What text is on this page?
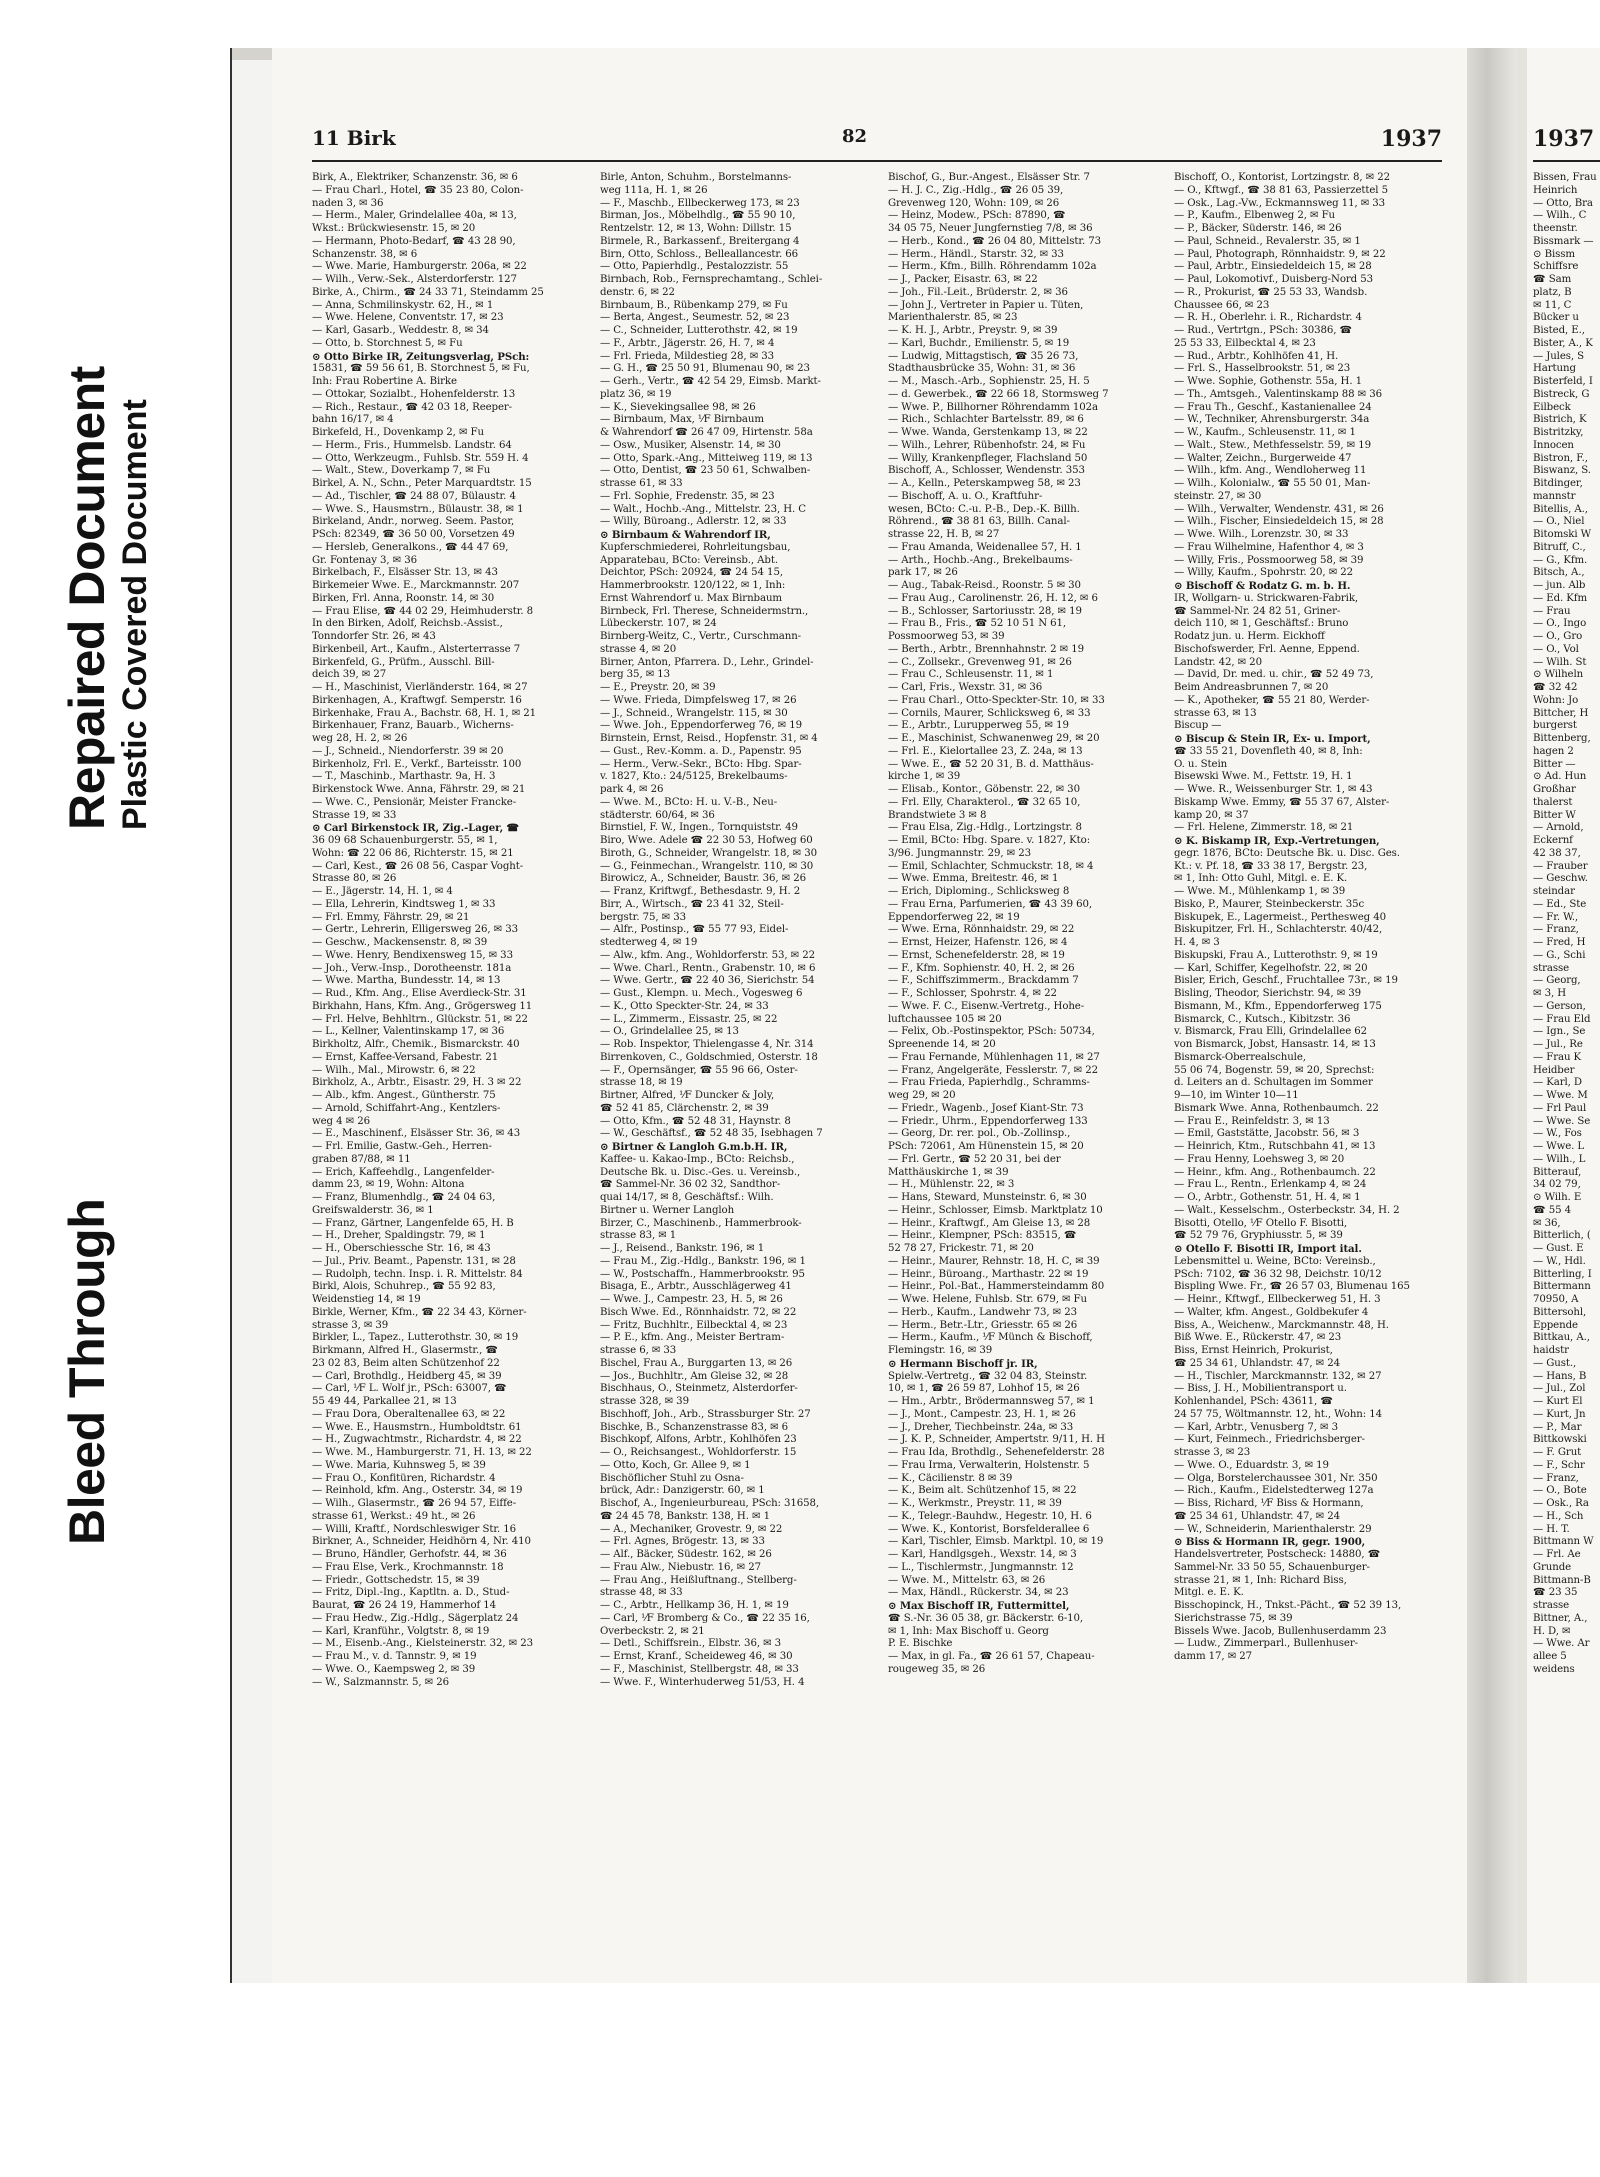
Bleed Through
Repaired Document Plastic Covered Document
11 Birk	82	1937
Birk, A., Elektriker, Schanzenstr. 36, ✉ 6
— Frau Charl., Hotel, ☎ 35 23 80, Colon-
naden 3, ✉ 36
— Herm., Maler, Grindelallee 40a, ✉ 13,
Wkst.: Brückwiesenstr. 15, ✉ 20
— Hermann, Photo-Bedarf, ☎ 43 28 90,
Schanzenstr. 38, ✉ 6
— Wwe. Marie, Hamburgerstr. 206a, ✉ 22
— Wilh., Verw.-Sek., Alsterdorferstr. 127
Birke, A., Chirm., ☎ 24 33 71, Steindamm 25
— Anna, Schmilinskystr. 62, H., ✉ 1
— Wwe. Helene, Conventstr. 17, ✉ 23
— Karl, Gasarb., Weddestr. 8, ✉ 34
— Otto, b. Storchnest 5, ✉ Fu
⊙ Otto Birke IR, Zeitungsverlag, PSch:
15831, ☎ 59 56 61, B. Storchnest 5, ✉ Fu,
Inh: Frau Robertine A. Birke
— Ottokar, Sozialbt., Hohenfelderstr. 13
— Rich., Restaur., ☎ 42 03 18, Reeper-
bahn 16/17, ✉ 4
Birkefeld, H., Dovenkamp 2, ✉ Fu
— Herm., Fris., Hummelsb. Landstr. 64
— Otto, Werkzeugm., Fuhlsb. Str. 559 H. 4
— Walt., Stew., Doverkamp 7, ✉ Fu
Birkel, A. N., Schn., Peter Marquardtstr. 15
— Ad., Tischler, ☎ 24 88 07, Bülaustr. 4
— Wwe. S., Hausmstrn., Bülaustr. 38, ✉ 1
Birkeland, Andr., norweg. Seem. Pastor,
PSch: 82349, ☎ 36 50 00, Vorsetzen 49
— Hersleb, Generalkons., ☎ 44 47 69,
Gr. Fontenay 3, ✉ 36
Birkelbach, F., Elsässer Str. 13, ✉ 43
Birkemeier Wwe. E., Marckmannstr. 207
Birken, Frl. Anna, Roonstr. 14, ✉ 30
— Frau Elise, ☎ 44 02 29, Heimhuderstr. 8
In den Birken, Adolf, Reichsb.-Assist.,
Tonndorfer Str. 26, ✉ 43
Birkenbeil, Art., Kaufm., Alsterterrasse 7
Birkenfeld, G., Prüfm., Ausschl. Bill-
deich 39, ✉ 27
— H., Maschinist, Vierländerstr. 164, ✉ 27
Birkenhagen, A., Kraftwgf. Semperstr. 16
Birkenhake, Frau A., Bachstr. 68, H. 1, ✉ 21
Birkenhauer, Franz, Bauarb., Wicherns-
weg 28, H. 2, ✉ 26
— J., Schneid., Niendorferstr. 39 ✉ 20
Birkenholz, Frl. E., Verkf., Barteisstr. 100
— T., Maschinb., Marthastr. 9a, H. 3
Birkenstock Wwe. Anna, Fährstr. 29, ✉ 21
— Wwe. C., Pensionär, Meister Francke-
Strasse 19, ✉ 33
⊙ Carl Birkenstock IR, Zig.-Lager, ☎
36 09 68 Schauenburgerstr. 55, ✉ 1,
Wohn: ☎ 22 06 86, Richterstr. 15, ✉ 21
— Carl, Kest., ☎ 26 08 56, Caspar Voght-
Strasse 80, ✉ 26
— E., Jägerstr. 14, H. 1, ✉ 4
— Ella, Lehrerin, Kindtsweg 1, ✉ 33
— Frl. Emmy, Fährstr. 29, ✉ 21
— Gertr., Lehrerin, Elligersweg 26, ✉ 33
— Geschw., Mackensenstr. 8, ✉ 39
— Wwe. Henry, Bendixensweg 15, ✉ 33
— Joh., Verw.-Insp., Dorotheenstr. 181a
— Wwe. Martha, Bundesstr. 14, ✉ 13
— Rud., Kfm. Ang., Elise Averdieck-Str. 31
Birkhahn, Hans, Kfm. Ang., Grögersweg 11
— Frl. Helve, Behhltrn., Glückstr. 51, ✉ 22
— L., Kellner, Valentinskamp 17, ✉ 36
Birkholtz, Alfr., Chemik., Bismarckstr. 40
— Ernst, Kaffee-Versand, Fabestr. 21
— Wilh., Mal., Mirowstr. 6, ✉ 22
Birkholz, A., Arbtr., Eisastr. 29, H. 3 ✉ 22
— Alb., kfm. Angest., Güntherstr. 75
— Arnold, Schiffahrt-Ang., Kentzlers-
weg 4 ✉ 26
— E., Maschinenf., Elsässer Str. 36, ✉ 43
— Frl. Emilie, Gastw.-Geh., Herren-
graben 87/88, ✉ 11
— Erich, Kaffeehdlg., Langenfelder-
damm 23, ✉ 19, Wohn: Altona
— Franz, Blumenhdlg., ☎ 24 04 63,
Greifswalderstr. 36, ✉ 1
— Franz, Gärtner, Langenfelde 65, H. B
— H., Dreher, Spaldingstr. 79, ✉ 1
— H., Oberschiessche Str. 16, ✉ 43
— Jul., Priv. Beamt., Papenstr. 131, ✉ 28
— Rudolph, techn. Insp. i. R. Mittelstr. 84
Birkl, Alois, Schuhrep., ☎ 55 92 83,
Weidenstieg 14, ✉ 19
Birkle, Werner, Kfm., ☎ 22 34 43, Körner-
strasse 3, ✉ 39
Birkler, L., Tapez., Lutterothstr. 30, ✉ 19
Birkmann, Alfred H., Glasermstr., ☎
23 02 83, Beim alten Schützenhof 22
— Carl, Brothdlg., Heidberg 45, ✉ 39
— Carl, ⅟F L. Wolf jr., PSch: 63007, ☎
55 49 44, Parkallee 21, ✉ 13
— Frau Dora, Oberaltenallee 63, ✉ 22
— Wwe. E., Hausmstrn., Humboldtstr. 61
— H., Zugwachtmstr., Richardstr. 4, ✉ 22
— Wwe. M., Hamburgerstr. 71, H. 13, ✉ 22
— Wwe. Maria, Kuhnsweg 5, ✉ 39
— Frau O., Konfitüren, Richardstr. 4
— Reinhold, kfm. Ang., Osterstr. 34, ✉ 19
— Wilh., Glasermstr., ☎ 26 94 57, Eiffe-
strasse 61, Werkst.: 49 ht., ✉ 26
— Willi, Kraftf., Nordschleswiger Str. 16
Birkner, A., Schneider, Heidhörn 4, Nr. 410
— Bruno, Händler, Gerhofstr. 44, ✉ 36
— Frau Else, Verk., Krochmannstr. 18
— Friedr., Gottschedstr. 15, ✉ 39
— Fritz, Dipl.-Ing., Kaptltn. a. D., Stud-
Baurat, ☎ 26 24 19, Hammerhof 14
— Frau Hedw., Zig.-Hdlg., Sägerplatz 24
— Karl, Kranführ., Volgtstr. 8, ✉ 19
— M., Eisenb.-Ang., Kielsteinerstr. 32, ✉ 23
— Frau M., v. d. Tannstr. 9, ✉ 19
— Wwe. O., Kaempsweg 2, ✉ 39
— W., Salzmannstr. 5, ✉ 26
Birle, Anton, Schuhm., Borstelmanns-
weg 111a, H. 1, ✉ 26
— F., Maschb., Ellbeckerweg 173, ✉ 23
Birman, Jos., Möbelhdlg., ☎ 55 90 10,
Rentzelstr. 12, ✉ 13, Wohn: Dillstr. 15
Birmele, R., Barkassenf., Breitergang 4
Birn, Otto, Schloss., Belleallancestr. 66
— Otto, Papierhdlg., Pestalozzistr. 55
Birnbach, Rob., Fernsprechamtang., Schlei-
denstr. 6, ✉ 22
Birnbaum, B., Rübenkamp 279, ✉ Fu
— Berta, Angest., Seumestr. 52, ✉ 23
— C., Schneider, Lutterothstr. 42, ✉ 19
— F., Arbtr., Jägerstr. 26, H. 7, ✉ 4
— Frl. Frieda, Mildestieg 28, ✉ 33
— G. H., ☎ 25 50 91, Blumenau 90, ✉ 23
— Gerh., Vertr., ☎ 42 54 29, Eimsb. Markt-
platz 36, ✉ 19
— K., Sievekingsallee 98, ✉ 26
— Birnbaum, Max, ⅟F Birnbaum
& Wahrendorf ☎ 26 47 09, Hirtenstr. 58a
— Osw., Musiker, Alsenstr. 14, ✉ 30
— Otto, Spark.-Ang., Mitteiweg 119, ✉ 13
— Otto, Dentist, ☎ 23 50 61, Schwalben-
strasse 61, ✉ 33
— Frl. Sophie, Fredenstr. 35, ✉ 23
— Walt., Hochb.-Ang., Mittelstr. 23, H. C
— Willy, Büroang., Adlerstr. 12, ✉ 33
⊙ Birnbaum & Wahrendorf IR,
Kupferschmiederei, Rohrleitungsbau,
Apparatebau, BCto: Vereinsb., Abt.
Deichtor, PSch: 20924, ☎ 24 54 15,
Hammerbrookstr. 120/122, ✉ 1, Inh:
Ernst Wahrendorf u. Max Birnbaum
Birnbeck, Frl. Therese, Schneidermstrn.,
Lübeckerstr. 107, ✉ 24
Birnberg-Weitz, C., Vertr., Curschmann-
strasse 4, ✉ 20
Birner, Anton, Pfarrera. D., Lehr., Grindel-
berg 35, ✉ 13
— E., Preystr. 20, ✉ 39
— Wwe. Frieda, Dimpfelsweg 17, ✉ 26
— J., Schneid., Wrangelstr. 115, ✉ 30
— Wwe. Joh., Eppendorferweg 76, ✉ 19
Birnstein, Ernst, Reisd., Hopfenstr. 31, ✉ 4
— Gust., Rev.-Komm. a. D., Papenstr. 95
— Herm., Verw.-Sekr., BCto: Hbg. Spar-
v. 1827, Kto.: 24/5125, Brekelbaums-
park 4, ✉ 26
— Wwe. M., BCto: H. u. V.-B., Neu-
städterstr. 60/64, ✉ 36
Birnstiel, F. W., Ingen., Tornquiststr. 49
Biro, Wwe. Adele ☎ 22 30 53, Hofweg 60
Biroth, G., Schneider, Wrangelstr. 18, ✉ 30
— G., Feinmechan., Wrangelstr. 110, ✉ 30
Birowicz, A., Schneider, Baustr. 36, ✉ 26
— Franz, Kriftwgf., Bethesdastr. 9, H. 2
Birr, A., Wirtsch., ☎ 23 41 32, Steil-
bergstr. 75, ✉ 33
— Alfr., Postinsp., ☎ 55 77 93, Eidel-
stedterweg 4, ✉ 19
— Alw., kfm. Ang., Wohldorferstr. 53, ✉ 22
— Wwe. Charl., Rentn., Grabenstr. 10, ✉ 6
— Wwe. Gertr., ☎ 22 40 36, Sierichstr. 54
— Gust., Klempn. u. Mech., Vogesweg 6
— K., Otto Speckter-Str. 24, ✉ 33
— L., Zimmerm., Eissastr. 25, ✉ 22
— O., Grindelallee 25, ✉ 13
— Rob. Inspektor, Thielengasse 4, Nr. 314
Birrenkoven, C., Goldschmied, Osterstr. 18
— F., Opernsänger, ☎ 55 96 66, Oster-
strasse 18, ✉ 19
Birtner, Alfred, ⅟F Duncker & Joly,
☎ 52 41 85, Clärchenstr. 2, ✉ 39
— Otto, Kfm., ☎ 52 48 31, Haynstr. 8
— W., Geschäftsf., ☎ 52 48 35, Isebhagen 7
⊙ Birtner & Langloh G.m.b.H. IR,
Kaffee- u. Kakao-Imp., BCto: Reichsb.,
Deutsche Bk. u. Disc.-Ges. u. Vereinsb.,
☎ Sammel-Nr. 36 02 32, Sandthor-
quai 14/17, ✉ 8, Geschäftsf.: Wilh.
Birtner u. Werner Langloh
Birzer, C., Maschinenb., Hammerbrook-
strasse 83, ✉ 1
— J., Reisend., Bankstr. 196, ✉ 1
— Frau M., Zig.-Hdlg., Bankstr. 196, ✉ 1
— W., Postschaffn., Hammerbrookstr. 95
Bisaga, E., Arbtr., Ausschlägerweg 41
— Wwe. J., Campestr. 23, H. 5, ✉ 26
Bisch Wwe. Ed., Rönnhaidstr. 72, ✉ 22
— Fritz, Buchhltr., Eilbecktal 4, ✉ 23
— P. E., kfm. Ang., Meister Bertram-
strasse 6, ✉ 33
Bischel, Frau A., Burggarten 13, ✉ 26
— Jos., Buchhltr., Am Gleise 32, ✉ 28
Bischhaus, O., Steinmetz, Alsterdorfer-
strasse 328, ✉ 39
Bischhoff, Joh., Arb., Strassburger Str. 27
Bischke, B., Schanzenstrasse 83, ✉ 6
Bischkopf, Alfons, Arbtr., Kohlhöfen 23
— O., Reichsangest., Wohldorferstr. 15
— Otto, Koch, Gr. Allee 9, ✉ 1
Bischöflicher Stuhl zu Osna-
brück, Adr.: Danzigerstr. 60, ✉ 1
Bischof, A., Ingenieurbureau, PSch: 31658,
☎ 24 45 78, Bankstr. 138, H. ✉ 1
— A., Mechaniker, Grovestr. 9, ✉ 22
— Frl. Agnes, Brögestr. 13, ✉ 33
— Alf., Bäcker, Südestr. 162, ✉ 26
— Frau Alw., Niebustr. 16, ✉ 27
— Frau Ang., Heißluftnang., Stellberg-
strasse 48, ✉ 33
— C., Arbtr., Hellkamp 36, H. 1, ✉ 19
— Carl, ⅟F Bromberg & Co., ☎ 22 35 16,
Overbeckstr. 2, ✉ 21
— Detl., Schiffsrein., Elbstr. 36, ✉ 3
— Ernst, Kranf., Scheideweg 46, ✉ 30
— F., Maschinist, Stellbergstr. 48, ✉ 33
— Wwe. F., Winterhuderweg 51/53, H. 4
Bischof, G., Bur.-Angest., Elsässer Str. 7
— H. J. C., Zig.-Hdlg., ☎ 26 05 39,
Grevenweg 120, Wohn: 109, ✉ 26
— Heinz, Modew., PSch: 87890, ☎
34 05 75, Neuer Jungfernstieg 7/8, ✉ 36
— Herb., Kond., ☎ 26 04 80, Mittelstr. 73
— Herm., Händl., Starstr. 32, ✉ 33
— Herm., Kfm., Billh. Röhrendamm 102a
— J., Packer, Eisastr. 63, ✉ 22
— Joh., Fil.-Leit., Brüderstr. 2, ✉ 36
— John J., Vertreter in Papier u. Tüten,
Marienthalerstr. 85, ✉ 23
— K. H. J., Arbtr., Preystr. 9, ✉ 39
— Karl, Buchdr., Emilienstr. 5, ✉ 19
— Ludwig, Mittagstisch, ☎ 35 26 73,
Stadthausbrücke 35, Wohn: 31, ✉ 36
— M., Masch.-Arb., Sophienstr. 25, H. 5
— d. Gewerbek., ☎ 22 66 18, Stormsweg 7
— Wwe. P., Billhorner Röhrendamm 102a
— Rich., Schlachter Bartelsstr. 89, ✉ 6
— Wwe. Wanda, Gerstenkamp 13, ✉ 22
— Wilh., Lehrer, Rübenhofstr. 24, ✉ Fu
— Willy, Krankenpfleger, Flachsland 50
Bischoff, A., Schlosser, Wendenstr. 353
— A., Kelln., Peterskampweg 58, ✉ 23
— Bischoff, A. u. O., Kraftfuhr-
wesen, BCto: C.-u. P.-B., Dep.-K. Billh.
Röhrend., ☎ 38 81 63, Billh. Canal-
strasse 22, H. B, ✉ 27
— Frau Amanda, Weidenallee 57, H. 1
— Arth., Hochb.-Ang., Brekelbaums-
park 17, ✉ 26
— Aug., Tabak-Reisd., Roonstr. 5 ✉ 30
— Frau Aug., Carolinenstr. 26, H. 12, ✉ 6
— B., Schlosser, Sartoriusstr. 28, ✉ 19
— Frau B., Fris., ☎ 52 10 51 N 61,
Possmoorweg 53, ✉ 39
— Berth., Arbtr., Brennhahnstr. 2 ✉ 19
— C., Zollsekr., Grevenweg 91, ✉ 26
— Frau C., Schleusenstr. 11, ✉ 1
— Carl, Fris., Wexstr. 31, ✉ 36
— Frau Charl., Otto-Speckter-Str. 10, ✉ 33
— Cornils, Maurer, Schlicksweg 6, ✉ 33
— E., Arbtr., Lurupperweg 55, ✉ 19
— E., Maschinist, Schwanenweg 29, ✉ 20
— Frl. E., Kielortallee 23, Z. 24a, ✉ 13
— Wwe. E., ☎ 52 20 31, B. d. Matthäus-
kirche 1, ✉ 39
— Elisab., Kontor., Göbenstr. 22, ✉ 30
— Frl. Elly, Charakterol., ☎ 32 65 10,
Brandstwiete 3 ✉ 8
— Frau Elsa, Zig.-Hdlg., Lortzingstr. 8
— Emil, BCto: Hbg. Spare. v. 1827, Kto:
3/96. Jungmannstr. 29, ✉ 23
— Emil, Schlachter, Schmuckstr. 18, ✉ 4
— Wwe. Emma, Breitestr. 46, ✉ 1
— Erich, Diploming., Schlicksweg 8
— Frau Erna, Parfumerien, ☎ 43 39 60,
Eppendorferweg 22, ✉ 19
— Wwe. Erna, Rönnhaidstr. 29, ✉ 22
— Ernst, Heizer, Hafenstr. 126, ✉ 4
— Ernst, Schenefelderstr. 28, ✉ 19
— F., Kfm. Sophienstr. 40, H. 2, ✉ 26
— F., Schiffszimmerm., Brackdamm 7
— F., Schlosser, Spohrstr. 4, ✉ 22
— Wwe. F. C., Eisenw.-Vertretg., Hohe-
luftchaussee 105 ✉ 20
— Felix, Ob.-Postinspektor, PSch: 50734,
Spreenende 14, ✉ 20
— Frau Fernande, Mühlenhagen 11, ✉ 27
— Franz, Angelgeräte, Fesslerstr. 7, ✉ 22
— Frau Frieda, Papierhdlg., Schramms-
weg 29, ✉ 20
— Friedr., Wagenb., Josef Kiant-Str. 73
— Friedr., Uhrm., Eppendorferweg 133
— Georg, Dr. rer. pol., Ob.-Zollinsp.,
PSch: 72061, Am Hünenstein 15, ✉ 20
— Frl. Gertr., ☎ 52 20 31, bei der
Matthäuskirche 1, ✉ 39
— H., Mühlenstr. 22, ✉ 3
— Hans, Steward, Munsteinstr. 6, ✉ 30
— Heinr., Schlosser, Eimsb. Marktplatz 10
— Heinr., Kraftwgf., Am Gleise 13, ✉ 28
— Heinr., Klempner, PSch: 83515, ☎
52 78 27, Frickestr. 71, ✉ 20
— Heinr., Maurer, Rehnstr. 18, H. C, ✉ 39
— Heinr., Büroang., Marthastr. 22 ✉ 19
— Heinr., Pol.-Bat., Hammersteindamm 80
— Wwe. Helene, Fuhlsb. Str. 679, ✉ Fu
— Herb., Kaufm., Landwehr 73, ✉ 23
— Herm., Betr.-Ltr., Griesstr. 65 ✉ 26
— Herm., Kaufm., ⅟F Münch & Bischoff,
Flemingstr. 16, ✉ 39
⊙ Hermann Bischoff jr. IR,
Spielw.-Vertretg., ☎ 32 04 83, Steinstr.
10, ✉ 1, ☎ 26 59 87, Lohhof 15, ✉ 26
— Hm., Arbtr., Brödermannsweg 57, ✉ 1
— J., Mont., Campestr. 23, H. 1, ✉ 26
— J., Dreher, Tiechbeinstr. 24a, ✉ 33
— J. K. P., Schneider, Ampertstr. 9/11, H. H
— Frau Ida, Brothdlg., Sehenefelderstr. 28
— Frau Irma, Verwalterin, Holstenstr. 5
— K., Cäcilienstr. 8 ✉ 39
— K., Beim alt. Schützenhof 15, ✉ 22
— K., Werkmstr., Preystr. 11, ✉ 39
— K., Telegr.-Bauhdw., Hegestr. 10, H. 6
— Wwe. K., Kontorist, Borsfelderallee 6
— Karl, Tischler, Eimsb. Marktpl. 10, ✉ 19
— Karl, Handlgsgeh., Wexstr. 14, ✉ 3
— L., Tischlermstr., Jungmannstr. 12
— Wwe. M., Mittelstr. 63, ✉ 26
— Max, Händl., Rückerstr. 34, ✉ 23
⊙ Max Bischoff IR, Futtermittel,
☎ S.-Nr. 36 05 38, gr. Bäckerstr. 6-10,
✉ 1, Inh: Max Bischoff u. Georg
P. E. Bischke
— Max, in gl. Fa., ☎ 26 61 57, Chapeau-
rougeweg 35, ✉ 26
Bischoff, O., Kontorist, Lortzingstr. 8, ✉ 22
— O., Kftwgf., ☎ 38 81 63, Passierzettel 5
— Osk., Lag.-Vw., Eckmannsweg 11, ✉ 33
— P., Kaufm., Elbenweg 2, ✉ Fu
— P., Bäcker, Süderstr. 146, ✉ 26
— Paul, Schneid., Revalerstr. 35, ✉ 1
— Paul, Photograph, Rönnhaidstr. 9, ✉ 22
— Paul, Arbtr., Einsiedeldeich 15, ✉ 28
— Paul, Lokomotivf., Duisberg-Nord 53
— R., Prokurist, ☎ 25 53 33, Wandsb.
Chaussee 66, ✉ 23
— R. H., Oberlehr. i. R., Richardstr. 4
— Rud., Vertrtgn., PSch: 30386, ☎
25 53 33, Eilbecktal 4, ✉ 23
— Rud., Arbtr., Kohlhöfen 41, H.
— Frl. S., Hasselbrookstr. 51, ✉ 23
— Wwe. Sophie, Gothenstr. 55a, H. 1
— Th., Amtsgeh., Valentinskamp 88 ✉ 36
— Frau Th., Geschf., Kastanienallee 24
— W., Techniker, Ahrensburgerstr. 34a
— W., Kaufm., Schleusenstr. 11, ✉ 1
— Walt., Stew., Methfesselstr. 59, ✉ 19
— Walter, Zeichn., Burgerweide 47
— Wilh., kfm. Ang., Wendloherweg 11
— Wilh., Kolonialw., ☎ 55 50 01, Man-
steinstr. 27, ✉ 30
— Wilh., Verwalter, Wendenstr. 431, ✉ 26
— Wilh., Fischer, Einsiedeldeich 15, ✉ 28
— Wwe. Wilh., Lorenzstr. 30, ✉ 33
— Frau Wilhelmine, Hafenthor 4, ✉ 3
— Willy, Fris., Possmoorweg 58, ✉ 39
— Willy, Kaufm., Spohrstr. 20, ✉ 22
⊙ Bischoff & Rodatz G. m. b. H.
IR, Wollgarn- u. Strickwaren-Fabrik,
☎ Sammel-Nr. 24 82 51, Griner-
deich 110, ✉ 1, Geschäftsf.: Bruno
Rodatz jun. u. Herm. Eickhoff
Bischofswerder, Frl. Aenne, Eppend.
Landstr. 42, ✉ 20
— David, Dr. med. u. chir., ☎ 52 49 73,
Beim Andreasbrunnen 7, ✉ 20
— K., Apotheker, ☎ 55 21 80, Werder-
strasse 63, ✉ 13
Biscup —
⊙ Biscup & Stein IR, Ex- u. Import,
☎ 33 55 21, Dovenfleth 40, ✉ 8, Inh:
O. u. Stein
Bisewski Wwe. M., Fettstr. 19, H. 1
— Wwe. R., Weissenburger Str. 1, ✉ 43
Biskamp Wwe. Emmy, ☎ 55 37 67, Alster-
kamp 20, ✉ 37
— Frl. Helene, Zimmerstr. 18, ✉ 21
⊙ K. Biskamp IR, Exp.-Vertretungen,
gegr. 1876, BCto: Deutsche Bk. u. Disc. Ges.
Kt.: v. Pf. 18, ☎ 33 38 17, Bergstr. 23,
✉ 1, Inh: Otto Guhl, Mitgl. e. E. K.
— Wwe. M., Mühlenkamp 1, ✉ 39
Bisko, P., Maurer, Steinbeckerstr. 35c
Biskupek, E., Lagermeist., Perthesweg 40
Biskupitzer, Frl. H., Schlachterstr. 40/42,
H. 4, ✉ 3
Biskupski, Frau A., Lutterothstr. 9, ✉ 19
— Karl, Schiffer, Kegelhofstr. 22, ✉ 20
Bisler, Erich, Geschf., Fruchtallee 73r., ✉ 19
Bisling, Theodor, Sierichstr. 94, ✉ 39
Bismann, M., Kfm., Eppendorferweg 175
Bismarck, C., Kutsch., Kibitzstr. 36
v. Bismarck, Frau Elli, Grindelallee 62
von Bismarck, Jobst, Hansastr. 14, ✉ 13
Bismarck-Oberrealschule,
55 06 74, Bogenstr. 59, ✉ 20, Sprechst:
d. Leiters an d. Schultagen im Sommer
9—10, im Winter 10—11
Bismark Wwe. Anna, Rothenbaumch. 22
— Frau E., Reinfeldstr. 3, ✉ 13
— Emil, Gaststätte, Jacobstr. 56, ✉ 3
— Heinrich, Ktm., Rutschbahn 41, ✉ 13
— Frau Henny, Loehsweg 3, ✉ 20
— Heinr., kfm. Ang., Rothenbaumch. 22
— Frau L., Rentn., Erlenkamp 4, ✉ 24
— O., Arbtr., Gothenstr. 51, H. 4, ✉ 1
— Walt., Kesselschm., Osterbeckstr. 34, H. 2
Bisotti, Otello, ⅟F Otello F. Bisotti,
☎ 52 79 76, Gryphiusstr. 5, ✉ 39
⊙ Otello F. Bisotti IR, Import ital.
Lebensmittel u. Weine, BCto: Vereinsb.,
PSch: 7102, ☎ 36 32 98, Deichstr. 10/12
Bispling Wwe. Fr., ☎ 26 57 03, Blumenau 165
— Heinr., Kftwgf., Ellbeckerweg 51, H. 3
— Walter, kfm. Angest., Goldbekufer 4
Biss, A., Weichenw., Marckmannstr. 48, H.
Biß Wwe. E., Rückerstr. 47, ✉ 23
Biss, Ernst Heinrich, Prokurist,
☎ 25 34 61, Uhlandstr. 47, ✉ 24
— H., Tischler, Marckmannstr. 132, ✉ 27
— Biss, J. H., Mobilientransport u.
Kohlenhandel, PSch: 43611, ☎
24 57 75, Wöltmannstr. 12, ht., Wohn: 14
— Karl, Arbtr., Venusberg 7, ✉ 3
— Kurt, Feinmech., Friedrichsberger-
strasse 3, ✉ 23
— Wwe. O., Eduardstr. 3, ✉ 19
— Olga, Borstelerchaussee 301, Nr. 350
— Rich., Kaufm., Eidelstedterweg 127a
— Biss, Richard, ⅟F Biss & Hormann,
☎ 25 34 61, Uhlandstr. 47, ✉ 24
— W., Schneiderin, Marienthalerstr. 29
⊙ Biss & Hormann IR, gegr. 1900,
Handelsvertreter, Postscheck: 14880, ☎
Sammel-Nr. 33 50 55, Schauenburger-
strasse 21, ✉ 1, Inh: Richard Biss,
Mitgl. e. E. K.
Bisschopinck, H., Tnkst.-Pächt., ☎ 52 39 13,
Sierichstrasse 75, ✉ 39
Bissels Wwe. Jacob, Bullenhuserdamm 23
— Ludw., Zimmerparl., Bullenhuser-
damm 17, ✉ 27
1937
Bissen, Frau
Heinrich
— Otto, Bra
— Wilh., C
theenstr.
Bissmark —
⊙ Bissm
Schiffsre
☎ Sam
platz, B
✉ 11, C
Bücker u
Bisted, E.,
Bister, A., K
— Jules, S
Hartung
Bisterfeld, I
Bistreck, G
Eilbeck
Bistrich, K
Bistritzky,
Innocen
Bistron, F.,
Biswanz, S.
Bitdinger,
mannstr
Bitellis, A.,
— O., Niel
Bitomski W
Bitruff, C.,
— G., Kfm.
Bitsch, A.,
— jun. Alb
— Ed. Kfm
— Frau
— O., Ingo
— O., Gro
— O., Vol
— Wilh. St
⊙ Wilheln
☎ 32 42
Wohn: Jo
Bittcher, H
burgerst
Bittenberg,
hagen 2
Bitter —
⊙ Ad. Hun
Großhar
thalerst
Bitter W
— Arnold,
Eckernf
42 38 37,
— Frauber
— Geschw.
steindar
— Ed., Ste
— Fr. W.,
— Franz,
— Fred, H
— G., Schi
strasse
— Georg,
✉ 3, H
— Gerson,
— Frau Eld
— Ign., Se
— Jul., Re
— Frau K
Heidber
— Karl, D
— Wwe. M
— Frl Paul
— Wwe. Se
— W., Fos
— Wwe. L
— Wilh., L
Bitterauf,
34 02 79,
⊙ Wilh. E
☎ 55 4
✉ 36,
Bitterlich, (
— Gust. E
— W., Hdl.
Bitterling, I
Bittermann
70950, A
Bittersohl,
Eppende
Bittkau, A.,
haidstr
— Gust.,
— Hans, B
— Jul., Zol
— Kurt El
— Kurt, Jn
— P., Mar
Bittkowski
— F. Grut
— F., Schr
— Franz,
— O., Bote
— Osk., Ra
— H., Sch
— H. T.
Bittmann W
— Frl. Ae
Grunde
Bittmann-B
☎ 23 35
strasse
Bittner, A.,
H. D, ✉
— Wwe. Ar
allee 5
weidens
